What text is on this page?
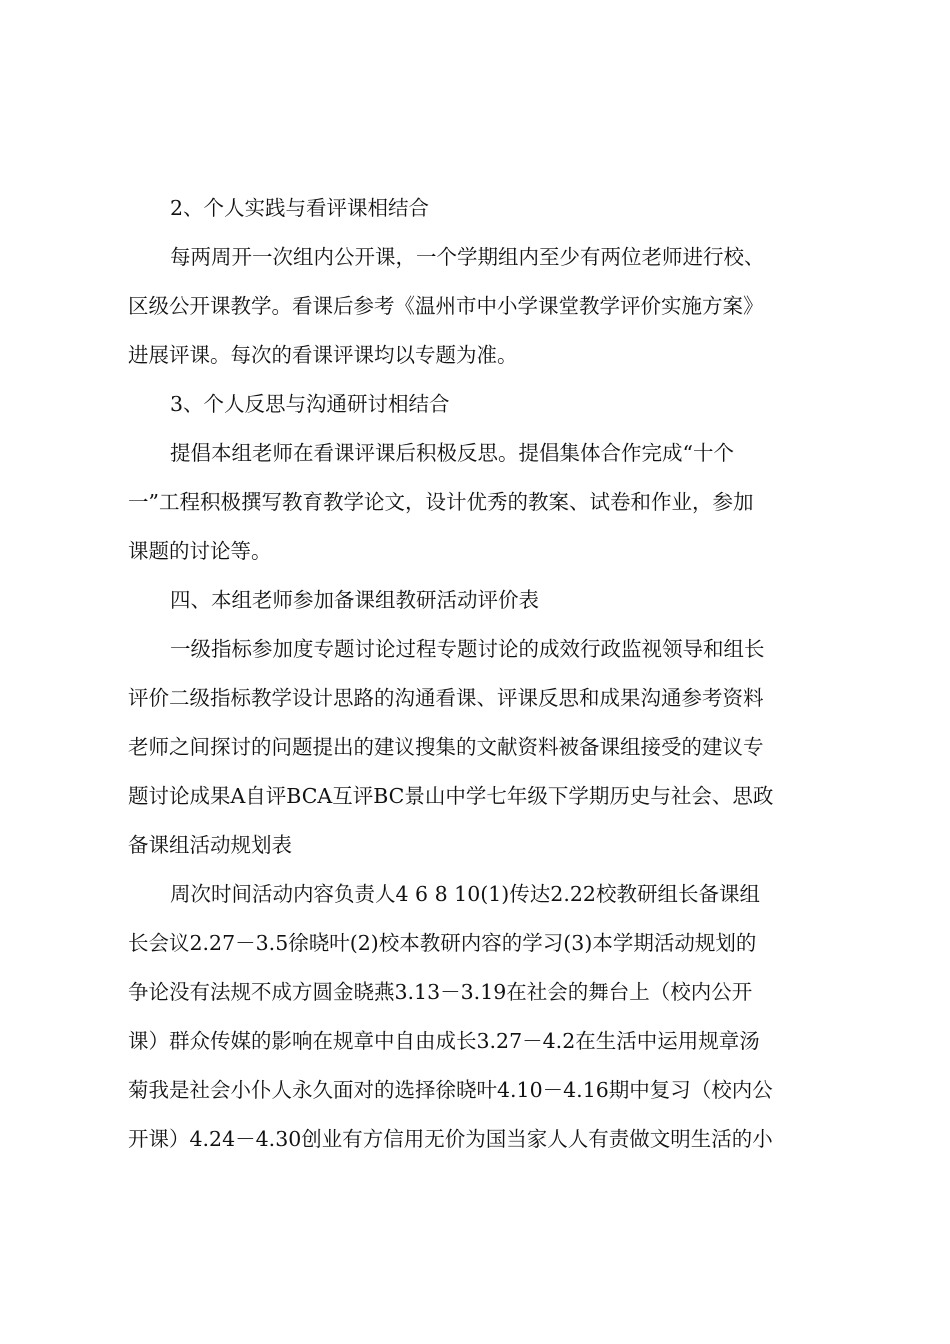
2、个人实践与看评课相结合
每两周开一次组内公开课，一个学期组内至少有两位老师进行校、
区级公开课教学。看课后参考《温州市中小学课堂教学评价实施方案》
进展评课。每次的看课评课均以专题为准。
3、个人反思与沟通研讨相结合
提倡本组老师在看课评课后积极反思。提倡集体合作完成“十个
一”工程积极撰写教育教学论文，设计优秀的教案、试卷和作业，参加
课题的讨论等。
四、本组老师参加备课组教研活动评价表
一级指标参加度专题讨论过程专题讨论的成效行政监视领导和组长
评价二级指标教学设计思路的沟通看课、评课反思和成果沟通参考资料
老师之间探讨的问题提出的建议搜集的文献资料被备课组接受的建议专
题讨论成果A自评BCA互评BC景山中学七年级下学期历史与社会、思政
备课组活动规划表
周次时间活动内容负责人4 6 8 10(1)传达2.22校教研组长备课组
长会议2.27－3.5徐晓叶(2)校本教研内容的学习(3)本学期活动规划的
争论没有法规不成方圆金晓燕3.13－3.19在社会的舞台上（校内公开
课）群众传媒的影响在规章中自由成长3.27－4.2在生活中运用规章汤
菊我是社会小仆人永久面对的选择徐晓叶4.10－4.16期中复习（校内公
开课）4.24－4.30创业有方信用无价为国当家人人有责做文明生活的小
